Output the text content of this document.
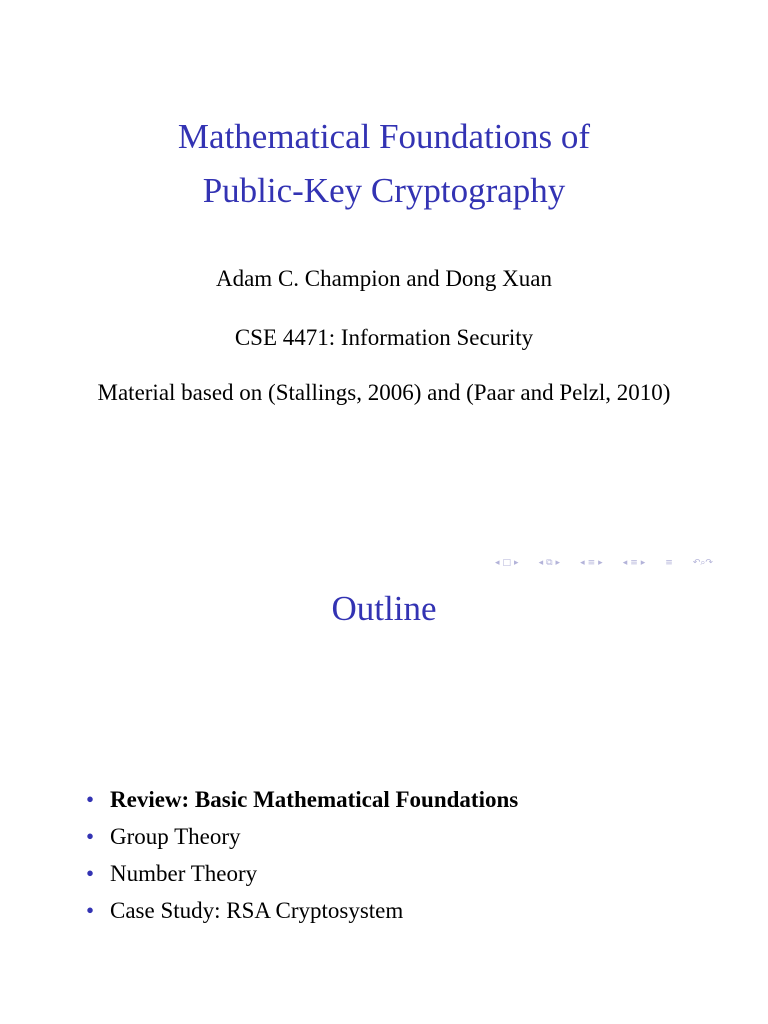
Mathematical Foundations of
Public-Key Cryptography
Adam C. Champion and Dong Xuan
CSE 4471: Information Security
Material based on (Stallings, 2006) and (Paar and Pelzl, 2010)
◂ □ ▸ ◂ ⧉ ▸ ◂ ≡ ▸ ◂ ≡ ▸ ≡ ↶⌕↷
Outline
• Review: Basic Mathematical Foundations
• Group Theory
• Number Theory
• Case Study: RSA Cryptosystem
